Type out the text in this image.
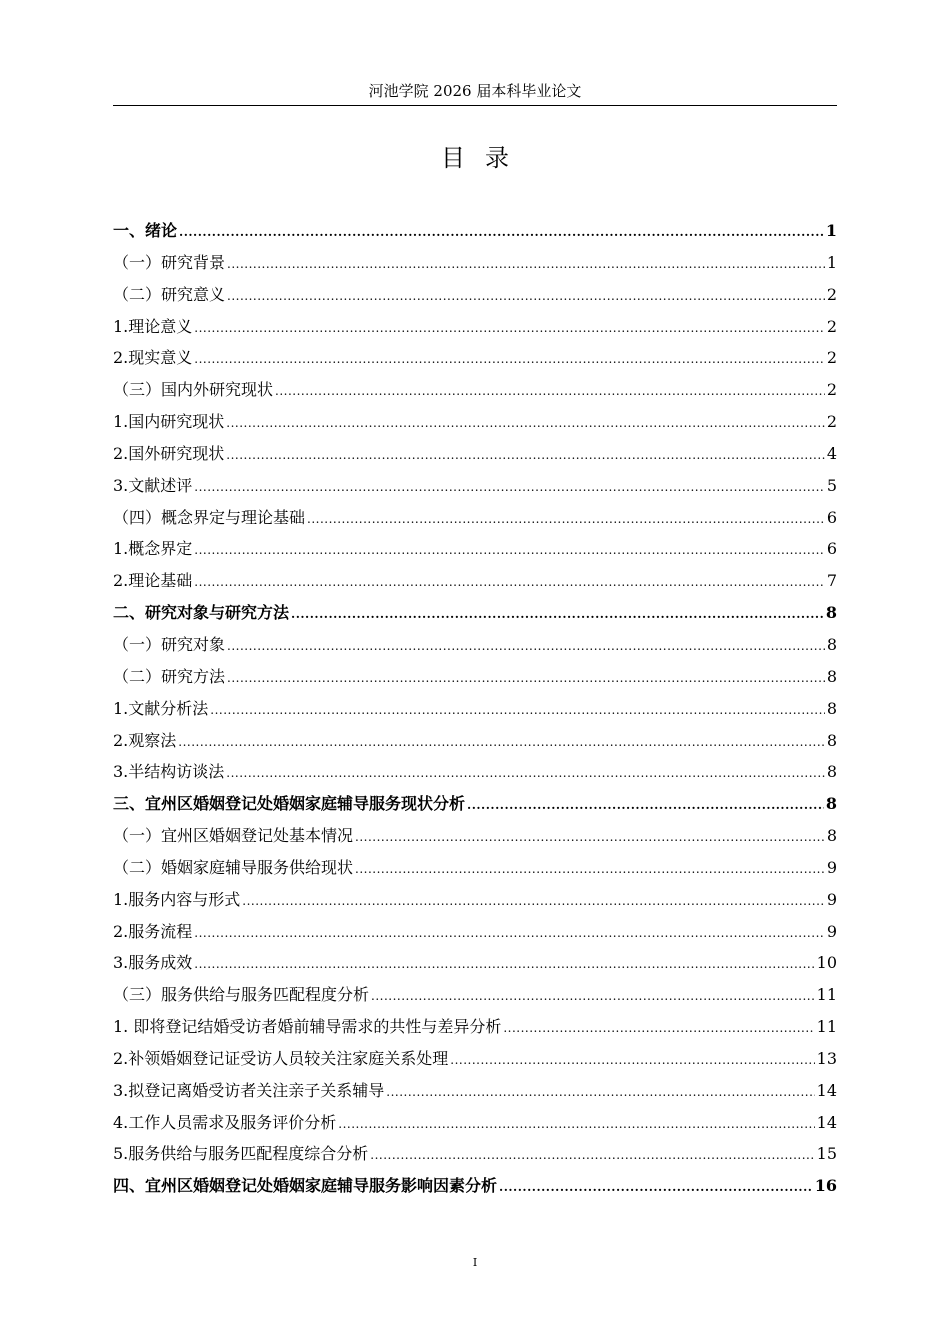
河池学院 2026 届本科毕业论文
目录
一、绪论 .....	1
（一）研究背景 .....	1
（二）研究意义 .....	2
1.理论意义 .....	2
2.现实意义 .....	2
（三）国内外研究现状 .....	2
1.国内研究现状 .....	2
2.国外研究现状 .....	4
3.文献述评 .....	5
（四）概念界定与理论基础 .....	6
1.概念界定 .....	6
2.理论基础 .....	7
二、研究对象与研究方法 .....	8
（一）研究对象 .....	8
（二）研究方法 .....	8
1.文献分析法 .....	8
2.观察法 .....	8
3.半结构访谈法 .....	8
三、宜州区婚姻登记处婚姻家庭辅导服务现状分析 .....	8
（一）宜州区婚姻登记处基本情况 .....	8
（二）婚姻家庭辅导服务供给现状 .....	9
1.服务内容与形式 .....	9
2.服务流程 .....	9
3.服务成效 .....	10
（三）服务供给与服务匹配程度分析 .....	11
1. 即将登记结婚受访者婚前辅导需求的共性与差异分析 .....	11
2.补领婚姻登记证受访人员较关注家庭关系处理 .....	13
3.拟登记离婚受访者关注亲子关系辅导 .....	14
4.工作人员需求及服务评价分析 .....	14
5.服务供给与服务匹配程度综合分析 .....	15
四、宜州区婚姻登记处婚姻家庭辅导服务影响因素分析 .....	16
I
